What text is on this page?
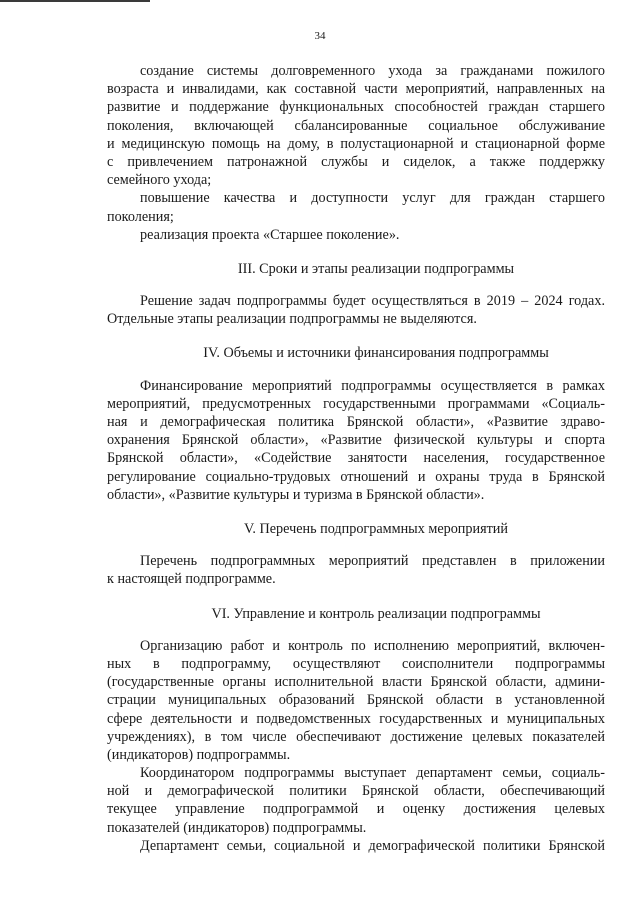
34
создание системы долговременного ухода за гражданами пожилого
возраста и инвалидами, как составной части мероприятий, направленных на
развитие и поддержание функциональных способностей граждан старшего
поколения, включающей сбалансированные социальное обслуживание
и медицинскую помощь на дому, в полустационарной и стационарной форме
с привлечением патронажной службы и сиделок, а также поддержку
семейного ухода;
повышение качества и доступности услуг для граждан старшего
поколения;
реализация проекта «Старшее поколение».
III. Сроки и этапы реализации подпрограммы
Решение задач подпрограммы будет осуществляться в 2019 – 2024 годах.
Отдельные этапы реализации подпрограммы не выделяются.
IV. Объемы и источники финансирования подпрограммы
Финансирование мероприятий подпрограммы осуществляется в рамках
мероприятий, предусмотренных государственными программами «Социаль-
ная и демографическая политика Брянской области», «Развитие здраво-
охранения Брянской области», «Развитие физической культуры и спорта
Брянской области», «Содействие занятости населения, государственное
регулирование социально-трудовых отношений и охраны труда в Брянской
области», «Развитие культуры и туризма в Брянской области».
V. Перечень подпрограммных мероприятий
Перечень подпрограммных мероприятий представлен в приложении
к настоящей подпрограмме.
VI. Управление и контроль реализации подпрограммы
Организацию работ и контроль по исполнению мероприятий, включен-
ных в подпрограмму, осуществляют соисполнители подпрограммы
(государственные органы исполнительной власти Брянской области, админи-
страции муниципальных образований Брянской области в установленной
сфере деятельности и подведомственных государственных и муниципальных
учреждениях), в том числе обеспечивают достижение целевых показателей
(индикаторов) подпрограммы.
Координатором подпрограммы выступает департамент семьи, социаль-
ной и демографической политики Брянской области, обеспечивающий
текущее управление подпрограммой и оценку достижения целевых
показателей (индикаторов) подпрограммы.
Департамент семьи, социальной и демографической политики Брянской
